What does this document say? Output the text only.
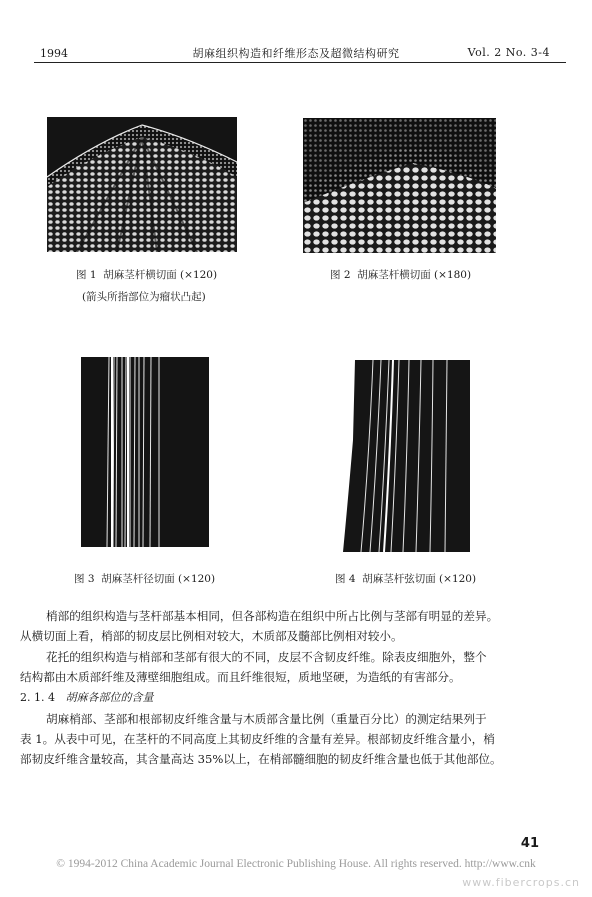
1994	胡麻组织构造和纤维形态及超微结构研究	Vol. 2 No. 3-4
图 1 胡麻茎杆横切面 (×120)
(箭头所指部位为瘤状凸起)
图 2 胡麻茎杆横切面 (×180)
图 3 胡麻茎杆径切面 (×120)	图 4 胡麻茎杆弦切面 (×120)
梢部的组织构造与茎杆部基本相同，但各部构造在组织中所占比例与茎部有明显的差异。
从横切面上看，梢部的韧皮层比例相对较大，木质部及髓部比例相对较小。
花托的组织构造与梢部和茎部有很大的不同，皮层不含韧皮纤维。除表皮细胞外，整个
结构都由木质部纤维及薄壁细胞组成。而且纤维很短，质地坚硬，为造纸的有害部分。
2. 1. 4 胡麻各部位的含量
胡麻梢部、茎部和根部韧皮纤维含量与木质部含量比例（重量百分比）的测定结果列于
表 1。从表中可见，在茎杆的不同高度上其韧皮纤维的含量有差异。根部韧皮纤维含量小，梢
部韧皮纤维含量较高，其含量高达 35%以上，在梢部髓细胞的韧皮纤维含量也低于其他部位。
41
© 1994-2012 China Academic Journal Electronic Publishing House. All rights reserved. http://www.cnk
www.fibercrops.cn
